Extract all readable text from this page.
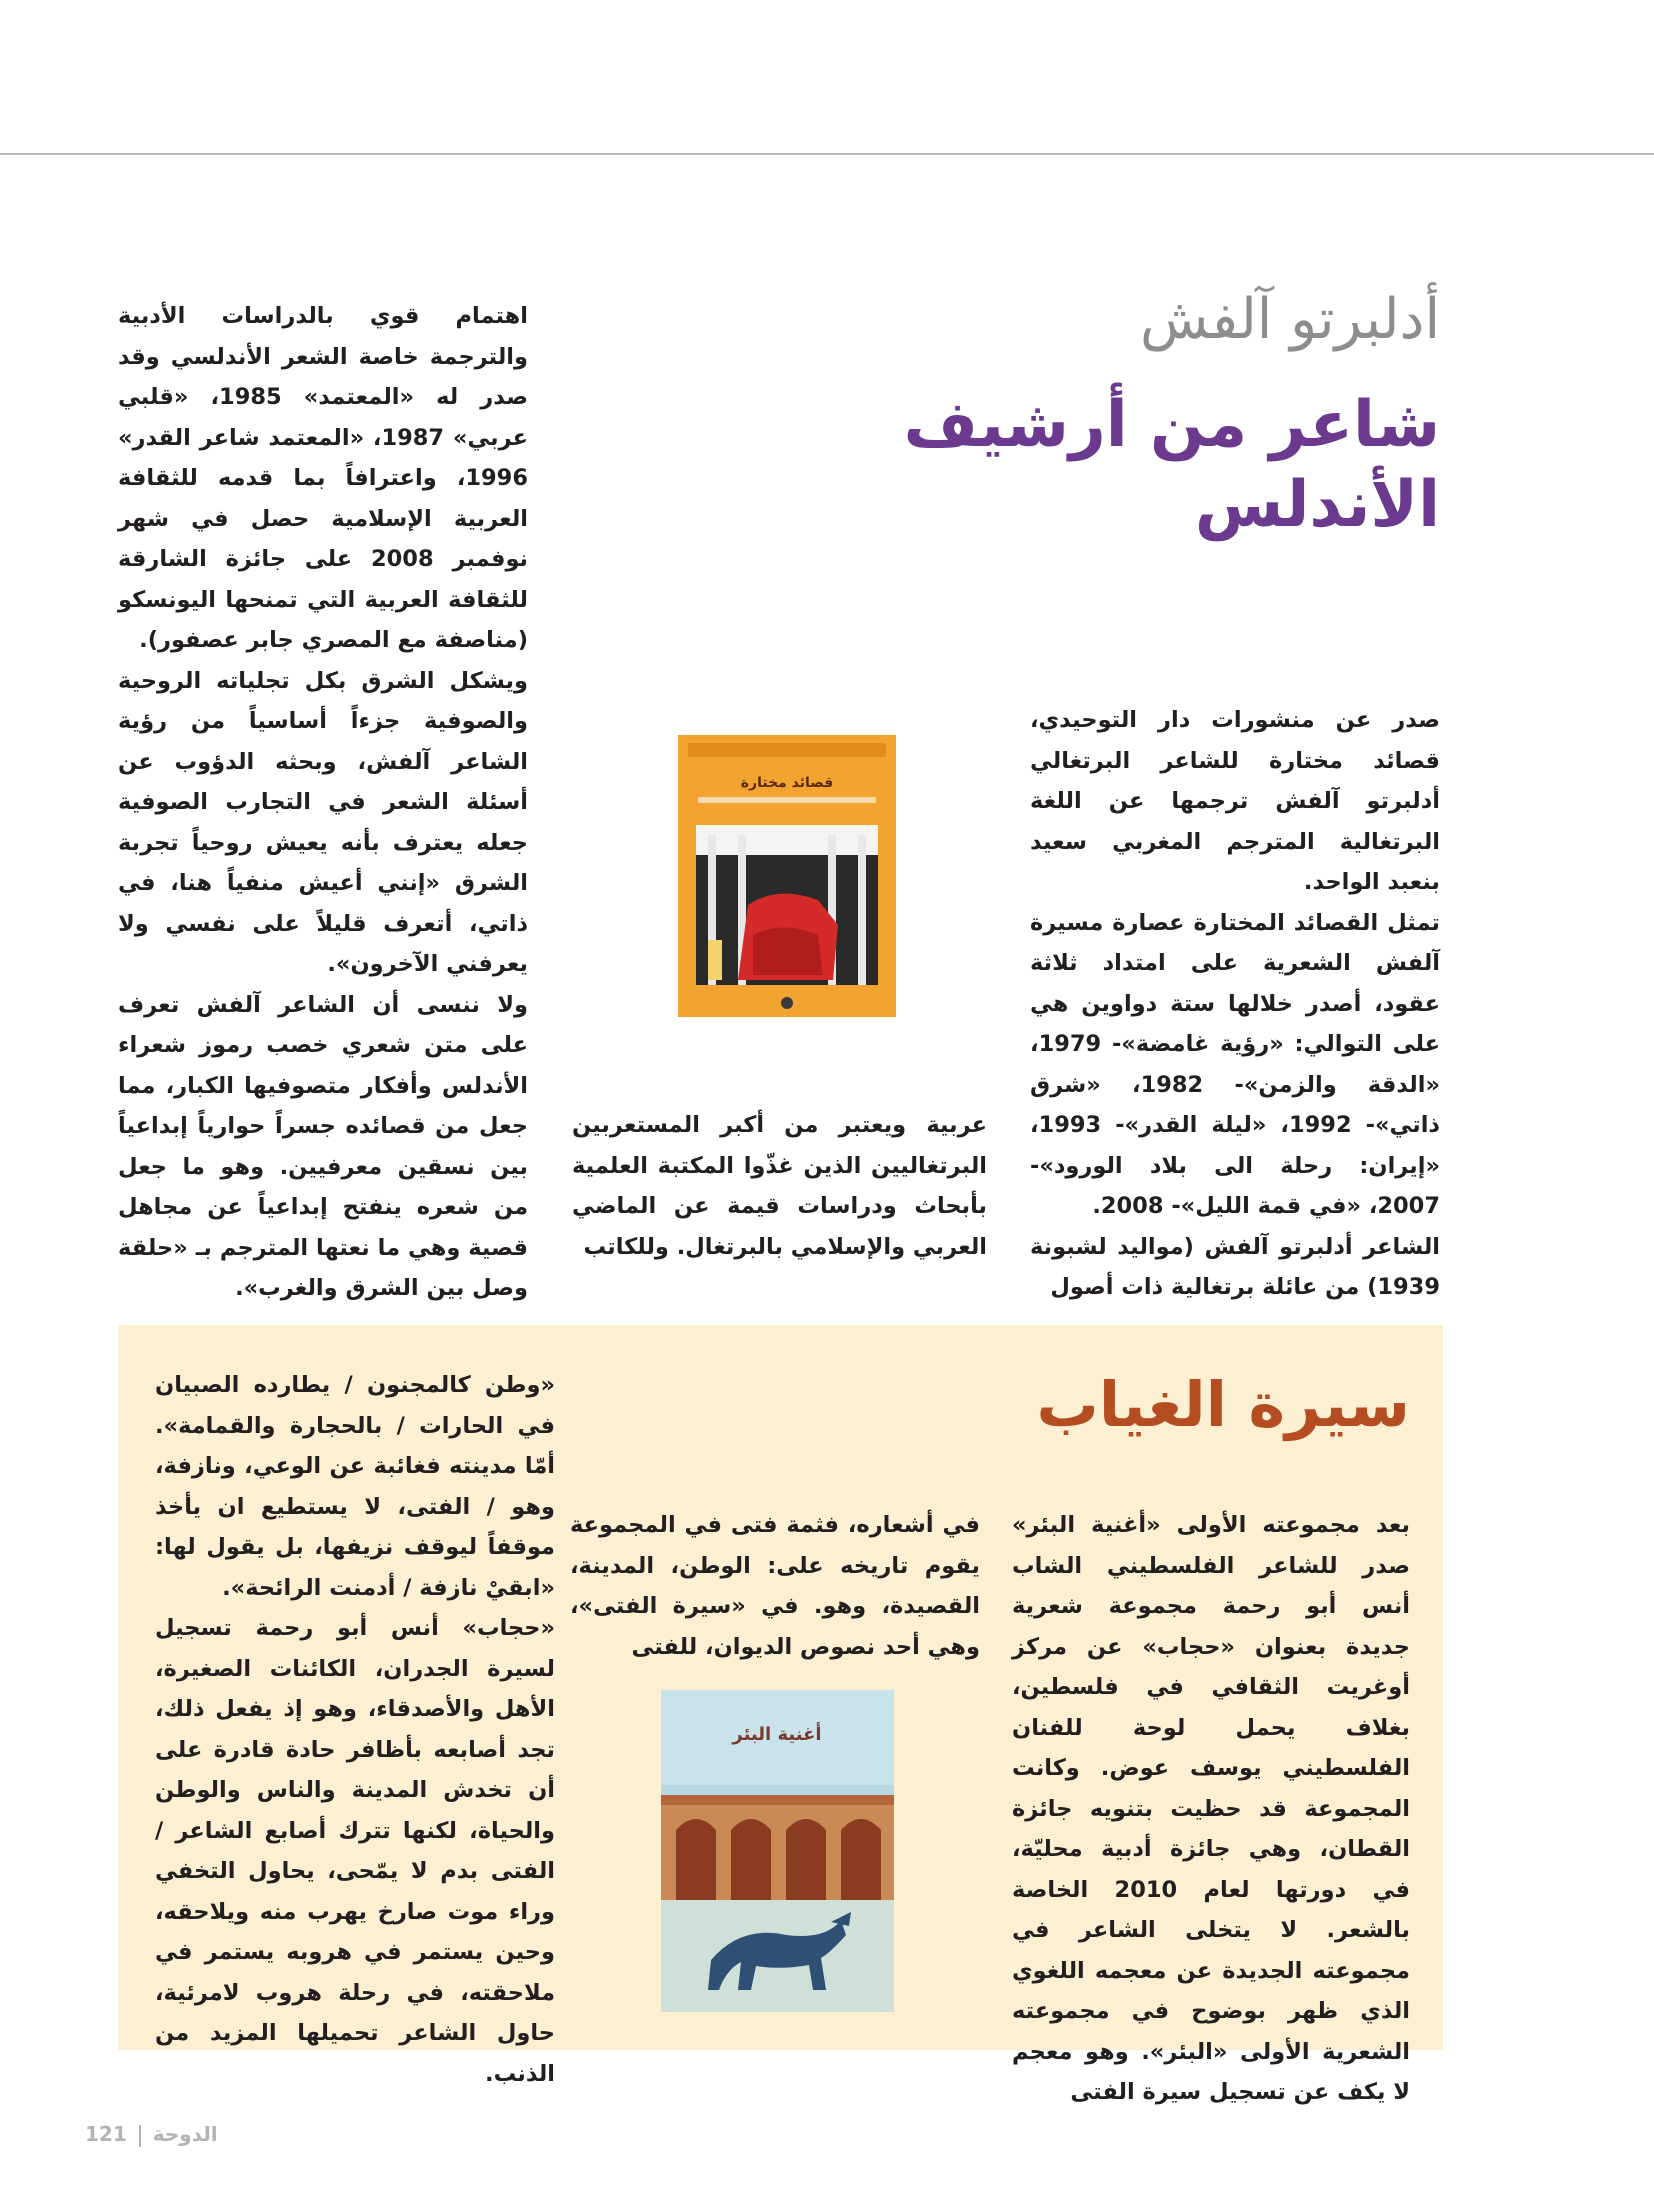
أدلبرتو آلفش
شاعر من أرشيف الأندلس

اهتمام قوي بالدراسات الأدبية والترجمة خاصة الشعر الأندلسي وقد صدر له «المعتمد» 1985، «قلبي عربي» 1987، «المعتمد شاعر القدر» 1996، واعترافاً بما قدمه للثقافة العربية الإسلامية حصل في شهر نوفمبر 2008 على جائزة الشارقة للثقافة العربية التي تمنحها اليونسكو (مناصفة مع المصري جابر عصفور).

ويشكل الشرق بكل تجلياته الروحية والصوفية جزءاً أساسياً من رؤية الشاعر آلفش، وبحثه الدؤوب عن أسئلة الشعر في التجارب الصوفية جعله يعترف بأنه يعيش روحياً تجربة الشرق «إنني أعيش منفياً هنا، في ذاتي، أتعرف قليلاً على نفسي ولا يعرفني الآخرون».

ولا ننسى أن الشاعر آلفش تعرف على متن شعري خصب رموز شعراء الأندلس وأفكار متصوفيها الكبار، مما جعل من قصائده جسراً حوارياً إبداعياً بين نسقين معرفيين. وهو ما جعل من شعره ينفتح إبداعياً عن مجاهل قصية وهي ما نعتها المترجم بـ «حلقة وصل بين الشرق والغرب».

عربية ويعتبر من أكبر المستعربين البرتغاليين الذين غذّوا المكتبة العلمية بأبحاث ودراسات قيمة عن الماضي العربي والإسلامي بالبرتغال. وللكاتب

صدر عن منشورات دار التوحيدي، قصائد مختارة للشاعر البرتغالي أدلبرتو آلفش ترجمها عن اللغة البرتغالية المترجم المغربي سعيد بنعبد الواحد.

تمثل القصائد المختارة عصارة مسيرة آلفش الشعرية على امتداد ثلاثة عقود، أصدر خلالها ستة دواوين هي على التوالي: «رؤية غامضة»- 1979، «الدقة والزمن»- 1982، «شرق ذاتي»- 1992، «ليلة القدر»- 1993، «إيران: رحلة الى بلاد الورود»- 2007، «في قمة الليل»- 2008.

الشاعر أدلبرتو آلفش (مواليد لشبونة 1939) من عائلة برتغالية ذات أصول

قصائد مختارة
سيرة الغياب

بعد مجموعته الأولى «أغنية البئر» صدر للشاعر الفلسطيني الشاب أنس أبو رحمة مجموعة شعرية جديدة بعنوان «حجاب» عن مركز أوغريت الثقافي في فلسطين، بغلاف يحمل لوحة للفنان الفلسطيني يوسف عوض. وكانت المجموعة قد حظيت بتنويه جائزة القطان، وهي جائزة أدبية محليّة، في دورتها لعام 2010 الخاصة بالشعر. لا يتخلى الشاعر في مجموعته الجديدة عن معجمه اللغوي الذي ظهر بوضوح في مجموعته الشعرية الأولى «البئر». وهو معجم لا يكف عن تسجيل سيرة الفتى

في أشعاره، فثمة فتى في المجموعة يقوم تاريخه على: الوطن، المدينة، القصيدة، وهو. في «سيرة الفتى»، وهي أحد نصوص الديوان، للفتى

«وطن كالمجنون / يطارده الصبيان في الحارات / بالحجارة والقمامة». أمّا مدينته فغائبة عن الوعي، ونازفة، وهو / الفتى، لا يستطيع ان يأخذ موقفاً ليوقف نزيفها، بل يقول لها: «ابقيْ نازفة / أدمنت الرائحة».

«حجاب» أنس أبو رحمة تسجيل لسيرة الجدران، الكائنات الصغيرة، الأهل والأصدقاء، وهو إذ يفعل ذلك، تجد أصابعه بأظافر حادة قادرة على أن تخدش المدينة والناس والوطن والحياة، لكنها تترك أصابع الشاعر / الفتى بدم لا يمّحى، يحاول التخفي وراء موت صارخ يهرب منه ويلاحقه، وحين يستمر في هروبه يستمر في ملاحقته، في رحلة هروب لامرئية، حاول الشاعر تحميلها المزيد من الذنب.

أغنية البئر
121 الدوحة
